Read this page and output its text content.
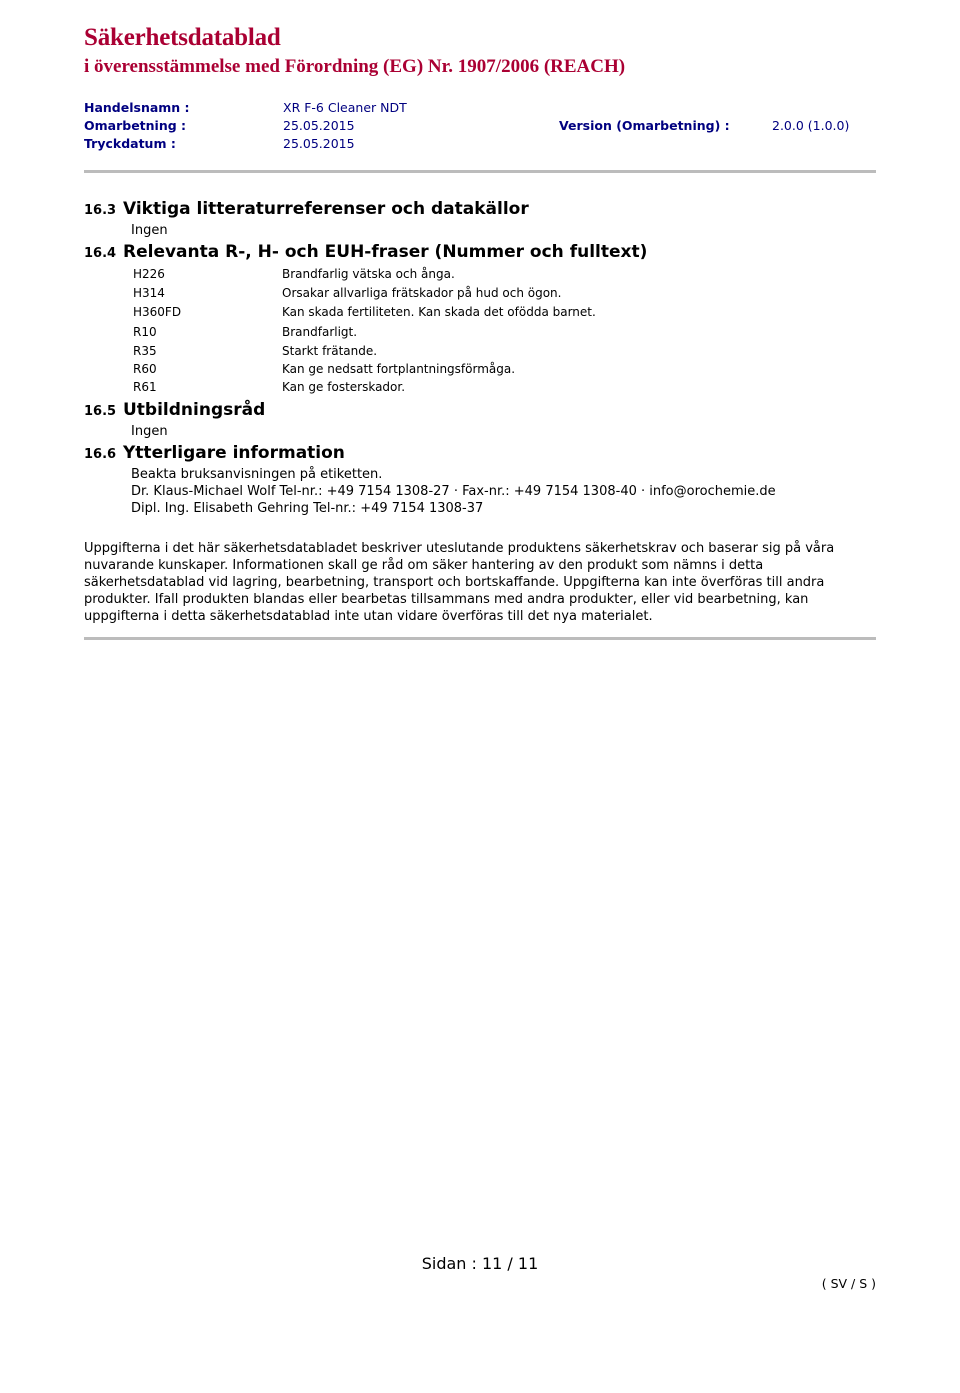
Säkerhetsdatablad
i överensstämmelse med Förordning (EG) Nr. 1907/2006 (REACH)
Handelsnamn :	XR F-6 Cleaner NDT
Omarbetning :	25.05.2015	Version (Omarbetning) :	2.0.0 (1.0.0)
Tryckdatum :	25.05.2015
16.3 Viktiga litteraturreferenser och datakällor
Ingen
16.4 Relevanta R-, H- och EUH-fraser (Nummer och fulltext)
H226	Brandfarlig vätska och ånga.
H314	Orsakar allvarliga frätskador på hud och ögon.
H360FD	Kan skada fertiliteten. Kan skada det ofödda barnet.
R10	Brandfarligt.
R35	Starkt frätande.
R60	Kan ge nedsatt fortplantningsförmåga.
R61	Kan ge fosterskador.
16.5 Utbildningsråd
Ingen
16.6 Ytterligare information
Beakta bruksanvisningen på etiketten.
Dr. Klaus-Michael Wolf Tel-nr.: +49 7154 1308-27 · Fax-nr.: +49 7154 1308-40 · info@orochemie.de
Dipl. Ing. Elisabeth Gehring Tel-nr.: +49 7154 1308-37
Uppgifterna i det här säkerhetsdatabladet beskriver uteslutande produktens säkerhetskrav och baserar sig på våra nuvarande kunskaper. Informationen skall ge råd om säker hantering av den produkt som nämns i detta säkerhetsdatablad vid lagring, bearbetning, transport och bortskaffande. Uppgifterna kan inte överföras till andra produkter. Ifall produkten blandas eller bearbetas tillsammans med andra produkter, eller vid bearbetning, kan uppgifterna i detta säkerhetsdatablad inte utan vidare överföras till det nya materialet.
Sidan : 11 / 11
( SV / S )
